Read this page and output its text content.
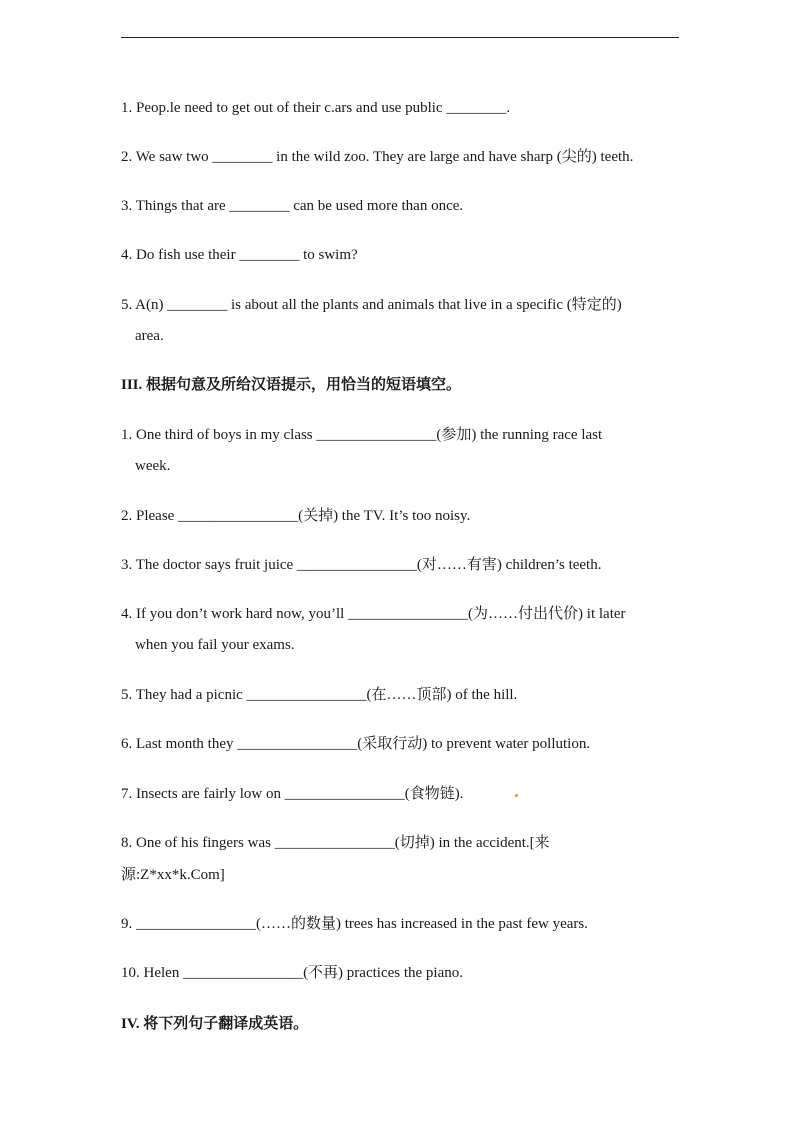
1. Peop.le need to get out of their c.ars and use public ________.
2. We saw two ________ in the wild zoo. They are large and have sharp (尖的) teeth.
3. Things that are ________ can be used more than once.
4. Do fish use their ________ to swim?
5. A(n) ________ is about all the plants and animals that live in a specific (特定的)
area.
III. 根据句意及所给汉语提示，用恰当的短语填空。
1. One third of boys in my class ________________(参加) the running race last
week.
2. Please ________________(关掉) the TV. It’s too noisy.
3. The doctor says fruit juice ________________(对……有害) children’s teeth.
4. If you don’t work hard now, you’ll ________________(为……付出代价) it later
when you fail your exams.
5. They had a picnic ________________(在……顶部) of the hill.
6. Last month they ________________(采取行动) to prevent water pollution.
7. Insects are fairly low on ________________(食物链).
8. One of his fingers was ________________(切掉) in the accident.[来
源:Z*xx*k.Com]
9. ________________(……的数量) trees has increased in the past few years.
10. Helen ________________(不再) practices the piano.
IV. 将下列句子翻译成英语。
